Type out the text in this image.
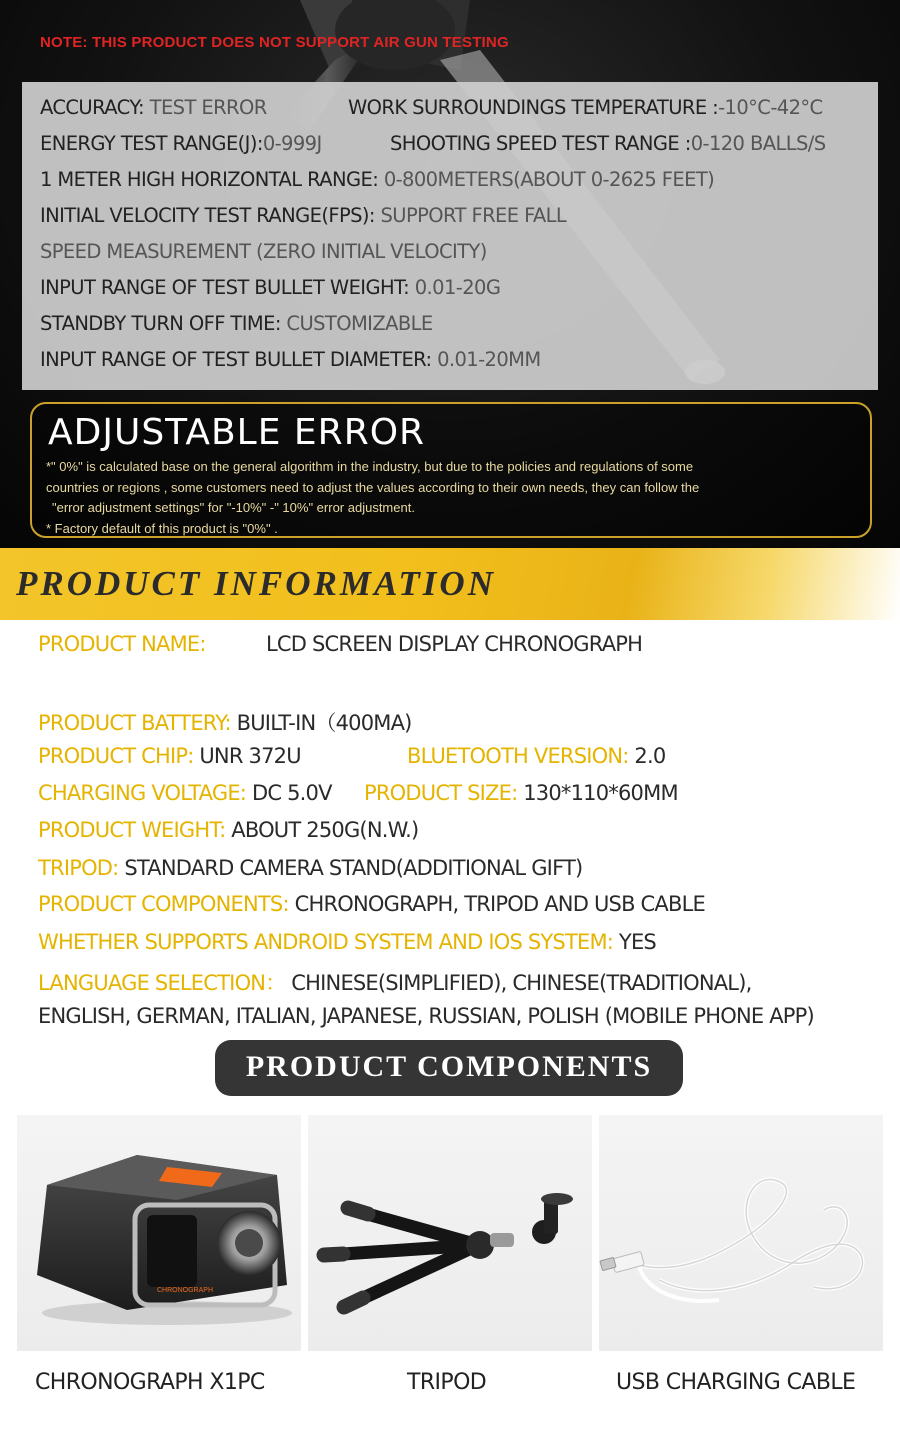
NOTE: THIS PRODUCT DOES NOT SUPPORT AIR GUN TESTING
ACCURACY: TEST ERROR	WORK SURROUNDINGS TEMPERATURE :-10°C-42°C
ENERGY TEST RANGE(J):0-999J	SHOOTING SPEED TEST RANGE :0-120 BALLS/S
1 METER HIGH HORIZONTAL RANGE: 0-800METERS(ABOUT 0-2625 FEET)
INITIAL VELOCITY TEST RANGE(FPS): SUPPORT FREE FALL
SPEED MEASUREMENT (ZERO INITIAL VELOCITY)
INPUT RANGE OF TEST BULLET WEIGHT: 0.01-20G
STANDBY TURN OFF TIME: CUSTOMIZABLE
INPUT RANGE OF TEST BULLET DIAMETER: 0.01-20MM
ADJUSTABLE ERROR
*" 0%" is calculated base on the general algorithm in the industry, but due to the policies and regulations of some
countries or regions , some customers need to adjust the values according to their own needs, they can follow the
"error adjustment settings" for "-10%" -" 10%" error adjustment.
* Factory default of this product is "0%" .
PRODUCT INFORMATION
PRODUCT NAME:	LCD SCREEN DISPLAY CHRONOGRAPH
PRODUCT BATTERY: BUILT-IN（400MA)
PRODUCT CHIP: UNR 372U	BLUETOOTH VERSION: 2.0
CHARGING VOLTAGE: DC 5.0V PRODUCT SIZE: 130*110*60MM
PRODUCT WEIGHT: ABOUT 250G(N.W.)
TRIPOD: STANDARD CAMERA STAND(ADDITIONAL GIFT)
PRODUCT COMPONENTS: CHRONOGRAPH, TRIPOD AND USB CABLE
WHETHER SUPPORTS ANDROID SYSTEM AND IOS SYSTEM: YES
LANGUAGE SELECTION： CHINESE(SIMPLIFIED), CHINESE(TRADITIONAL),
ENGLISH, GERMAN, ITALIAN, JAPANESE, RUSSIAN, POLISH (MOBILE PHONE APP)
PRODUCT COMPONENTS
CHRONOGRAPH
CHRONOGRAPH X1PC	TRIPOD	USB CHARGING CABLE
